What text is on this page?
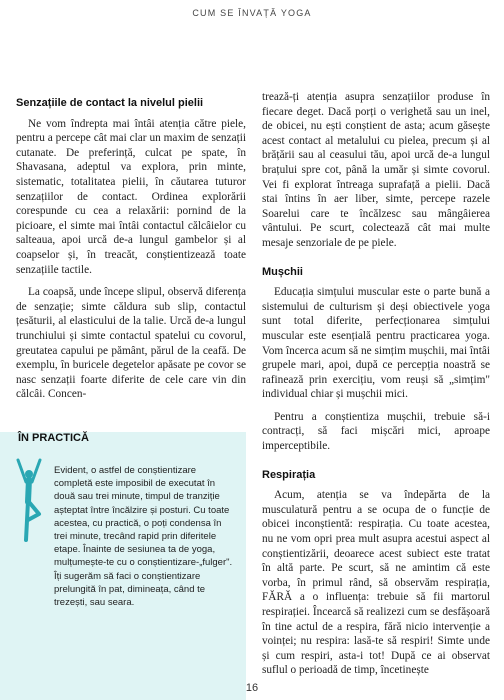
CUM SE ÎNVAȚĂ YOGA
Senzațiile de contact la nivelul pielii

Ne vom îndrepta mai întâi atenția către piele, pentru a percepe cât mai clar un maxim de senzații cutanate. De preferință, culcat pe spate, în Shavasana, adeptul va explora, prin minte, sistematic, totalitatea pielii, în căutarea tuturor senzațiilor de contact. Ordinea explorării corespunde cu cea a relaxării: pornind de la picioare, el simte mai întâi contactul călcâielor cu salteaua, apoi urcă de-a lungul gambelor și al coapselor și, în treacăt, conștientizează toate senzațiile tactile.

La coapsă, unde începe slipul, observă diferența de senzație; simte căldura sub slip, contactul țesăturii, al elasticului de la talie. Urcă de-a lungul trunchiului și simte contactul spatelui cu covorul, greutatea capului pe pământ, părul de la ceafă. De exemplu, în buricele degetelor apăsate pe covor se nasc senzații foarte diferite de cele care vin din călcâi. Concen-

ÎN PRACTICĂ

Evident, o astfel de conștientizare completă este imposibil de executat în două sau trei minute, timpul de tranziție așteptat între încălzire și posturi. Cu toate acestea, cu practică, o poți condensa în trei minute, trecând rapid prin diferitele etape. Înainte de sesiunea ta de yoga, mulțumește-te cu o conștientizare-„fulger". Îți sugerăm să faci o conștientizare prelungită în pat, dimineața, când te trezești, sau seara.

trează-ți atenția asupra senzațiilor produse în fiecare deget. Dacă porți o verighetă sau un inel, de obicei, nu ești conștient de asta; acum găsește acest contact al metalului cu pielea, precum și al brățării sau al ceasului tău, apoi urcă de-a lungul brațului spre cot, până la umăr și simte covorul. Vei fi explorat întreaga suprafață a pielii. Dacă stai întins în aer liber, simte, percepe razele Soarelui care te încălzesc sau mângâierea vântului. Pe scurt, colectează cât mai multe mesaje senzoriale de pe piele.

Mușchii

Educația simțului muscular este o parte bună a sistemului de culturism și deși obiectivele yoga sunt total diferite, perfecționarea simțului muscular este esențială pentru practicarea yoga. Vom încerca acum să ne simțim mușchii, mai întâi grupele mari, apoi, după ce percepția noastră se rafinează prin exercițiu, vom reuși să „simțim" individual chiar și mușchii mici.

Pentru a conștientiza mușchii, trebuie să-i contracți, să faci mișcări mici, aproape imperceptibile.

Respirația

Acum, atenția se va îndepărta de la musculatură pentru a se ocupa de o funcție de obicei inconștientă: respirația. Cu toate acestea, nu ne vom opri prea mult asupra acestui aspect al conștientizării, deoarece acest subiect este tratat în altă parte. Pe scurt, să ne amintim că este vorba, în primul rând, să observăm respirația, FĂRĂ a o influența: trebuie să fii martorul respirației. Încearcă să realizezi cum se desfășoară în tine actul de a respira, fără nicio intervenție a voinței; nu respira: lasă-te să respiri! Simte unde și cum respiri, asta-i tot! După ce ai observat suflul o perioadă de timp, încetinește

16
